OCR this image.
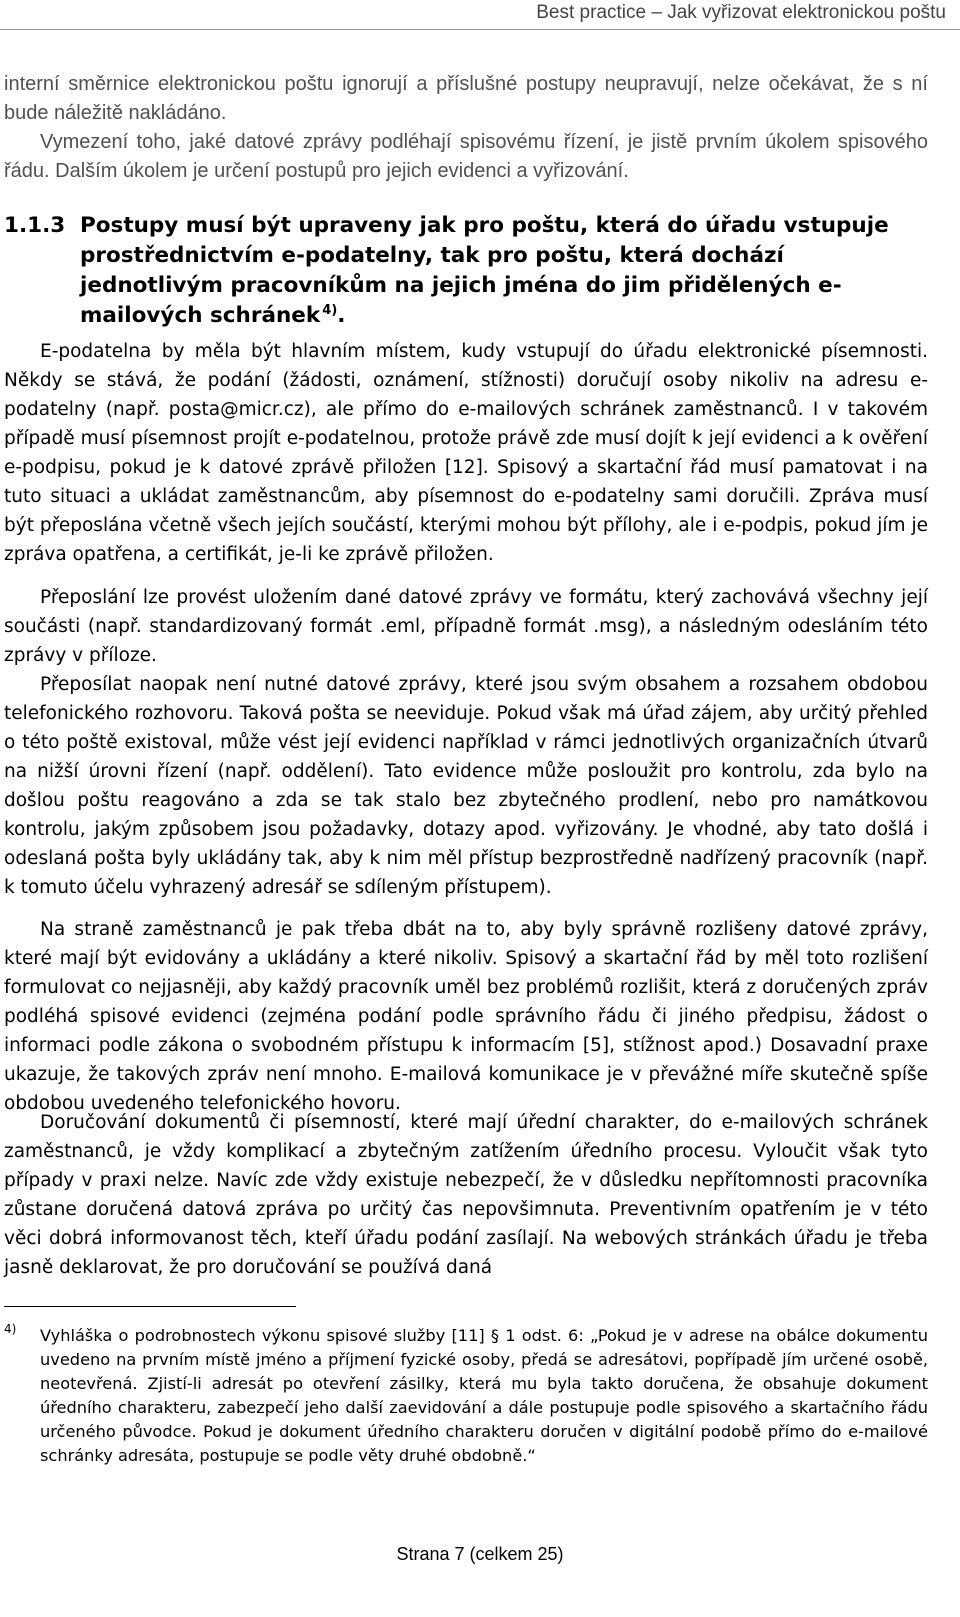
Best practice – Jak vyřizovat elektronickou poštu

interní směrnice elektronickou poštu ignorují a příslušné postupy neupravují, nelze očekávat, že s ní bude náležitě nakládáno.

Vymezení toho, jaké datové zprávy podléhají spisovému řízení, je jistě prvním úkolem spisového řádu. Dalším úkolem je určení postupů pro jejich evidenci a vyřizování.

1.1.3 Postupy musí být upraveny jak pro poštu, která do úřadu vstupuje prostřednictvím e-podatelny, tak pro poštu, která dochází jednotlivým pracovníkům na jejich jména do jim přidělených e-mailových schránek  $^{4)}$.

E-podatelna by měla být hlavním místem, kudy vstupují do úřadu elektronické písemnosti. Někdy se stává, že podání (žádosti, oznámení, stížnosti) doručují osoby nikoliv na adresu e-podatelny (např. posta@micr.cz), ale přímo do e-mailových schránek zaměstnanců. I v takovém případě musí písemnost projít e-podatelnou, protože právě zde musí dojít k její evidenci a k ověření e-podpisu, pokud je k datové zprávě přiložen [12]. Spisový a skartační řád musí pamatovat i na tuto situaci a ukládat zaměstnancům, aby písemnost do e-podatelny sami doručili. Zpráva musí být přeposlána včetně všech jejích součástí, kterými mohou být přílohy, ale i e-podpis, pokud jím je zpráva opatřena, a certifikát, je-li ke zprávě přiložen.

Přeposlání lze provést uložením dané datové zprávy ve formátu, který zachovává všechny její součásti (např. standardizovaný formát .eml, případně formát .msg), a následným odesláním této zprávy v příloze.

Přeposílat naopak není nutné datové zprávy, které jsou svým obsahem a rozsahem obdobou telefonického rozhovoru. Taková pošta se neeviduje. Pokud však má úřad zájem, aby určitý přehled o této poště existoval, může vést její evidenci například v rámci jednotlivých organizačních útvarů na nižší úrovni řízení (např. oddělení). Tato evidence může posloužit pro kontrolu, zda bylo na došlou poštu reagováno a zda se tak stalo bez zbytečného prodlení, nebo pro namátkovou kontrolu, jakým způsobem jsou požadavky, dotazy apod. vyřizovány. Je vhodné, aby tato došlá i odeslaná pošta byly ukládány tak, aby k nim měl přístup bezprostředně nadřízený pracovník (např. k tomuto účelu vyhrazený adresář se sdíleným přístupem).

Na straně zaměstnanců je pak třeba dbát na to, aby byly správně rozlišeny datové zprávy, které mají být evidovány a ukládány a které nikoliv. Spisový a skartační řád by měl toto rozlišení formulovat co nejjasněji, aby každý pracovník uměl bez problémů rozlišit, která z doručených zpráv podléhá spisové evidenci (zejména podání podle správního řádu či jiného předpisu, žádost o informaci podle zákona o svobodném přístupu k informacím [5], stížnost apod.) Dosavadní praxe ukazuje, že takových zpráv není mnoho. E-mailová komunikace je v převážné míře skutečně spíše obdobou uvedeného telefonického hovoru.

Doručování dokumentů či písemností, které mají úřední charakter, do e-mailových schránek zaměstnanců, je vždy komplikací a zbytečným zatížením úředního procesu. Vyloučit však tyto případy v praxi nelze. Navíc zde vždy existuje nebezpečí, že v důsledku nepřítomnosti pracovníka zůstane doručená datová zpráva po určitý čas nepovšimnuta. Preventivním opatřením je v této věci dobrá informovanost těch, kteří úřadu podání zasílají. Na webových stránkách úřadu je třeba jasně deklarovat, že pro doručování se používá daná

4) Vyhláška o podrobnostech výkonu spisové služby [11] § 1 odst. 6: „Pokud je v adrese na obálce dokumentu uvedeno na prvním místě jméno a příjmení fyzické osoby, předá se adresátovi, popřípadě jím určené osobě, neotevřená. Zjistí-li adresát po otevření zásilky, která mu byla takto doručena, že obsahuje dokument úředního charakteru, zabezpečí jeho další zaevidování a dále postupuje podle spisového a skartačního řádu určeného původce. Pokud je dokument úředního charakteru doručen v digitální podobě přímo do e-mailové schránky adresáta, postupuje se podle věty druhé obdobně.“

Strana 7 (celkem 25)
